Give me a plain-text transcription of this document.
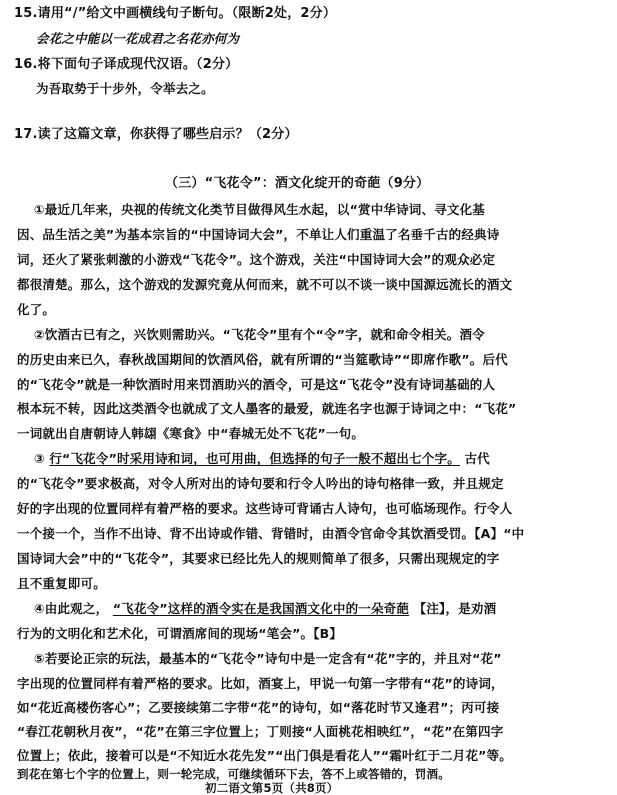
15.请用“/”给文中画横线句子断句。（限断2处，2分）
会花之中能以一花成君之名花亦何为
16.将下面句子译成现代汉语。（2分）
为吾取势于十步外，令举去之。
17.读了这篇文章，你获得了哪些启示？（2分）
（三）“飞花令”：酒文化绽开的奇葩（9分）
①最近几年来，央视的传统文化类节目做得风生水起，以“赏中华诗词、寻文化基
因、品生活之美”为基本宗旨的“中国诗词大会”，不单让人们重温了名垂千古的经典诗
词，还火了紧张刺激的小游戏“飞花令”。这个游戏，关注“中国诗词大会”的观众必定
都很清楚。那么，这个游戏的发源究竟从何而来，就不可以不谈一谈中国源远流长的酒文
化了。
②饮酒古已有之，兴饮则需助兴。“飞花令”里有个“令”字，就和命令相关。酒令
的历史由来已久，春秋战国期间的饮酒风俗，就有所谓的“当筵歌诗”“即席作歌”。后代
的“飞花令”就是一种饮酒时用来罚酒助兴的酒令，可是这“飞花令”没有诗词基础的人
根本玩不转，因此这类酒令也就成了文人墨客的最爱，就连名字也源于诗词之中：“飞花”
一词就出自唐朝诗人韩翃《寒食》中“春城无处不飞花”一句。
③ 行“飞花令”时采用诗和词，也可用曲，但选择的句子一般不超出七个字。 古代
的“飞花令”要求极高，对令人所对出的诗句要和行令人吟出的诗句格律一致，并且规定
好的字出现的位置同样有着严格的要求。这些诗可背诵古人诗句，也可临场现作。行令人
一个接一个，当作不出诗、背不出诗或作错、背错时，由酒令官命令其饮酒受罚。【A】“中
国诗词大会”中的“飞花令”，其要求已经比先人的规则简单了很多，只需出现规定的字
且不重复即可。
④由此观之， “飞花令”这样的酒令实在是我国酒文化中的一朵奇葩 【注】，是劝酒
行为的文明化和艺术化，可谓酒席间的现场“笔会”。【B】
⑤若要论正宗的玩法，最基本的“飞花令”诗句中是一定含有“花”字的，并且对“花”
字出现的位置同样有着严格的要求。比如，酒宴上，甲说一句第一字带有“花”的诗词，
如“花近高楼伤客心”；乙要接续第二字带“花”的诗句，如“落花时节又逢君”；丙可接
“春江花朝秋月夜”，“花”在第三字位置上；丁则接“人面桃花相映红”，“花”在第四字
位置上；依此，接着可以是“不知近水花先发”“出门俱是看花人”“霜叶红于二月花”等。
到花在第七个字的位置上，则一轮完成，可继续循环下去，答不上或答错的，罚酒。
初二语文第5页（共8页）
